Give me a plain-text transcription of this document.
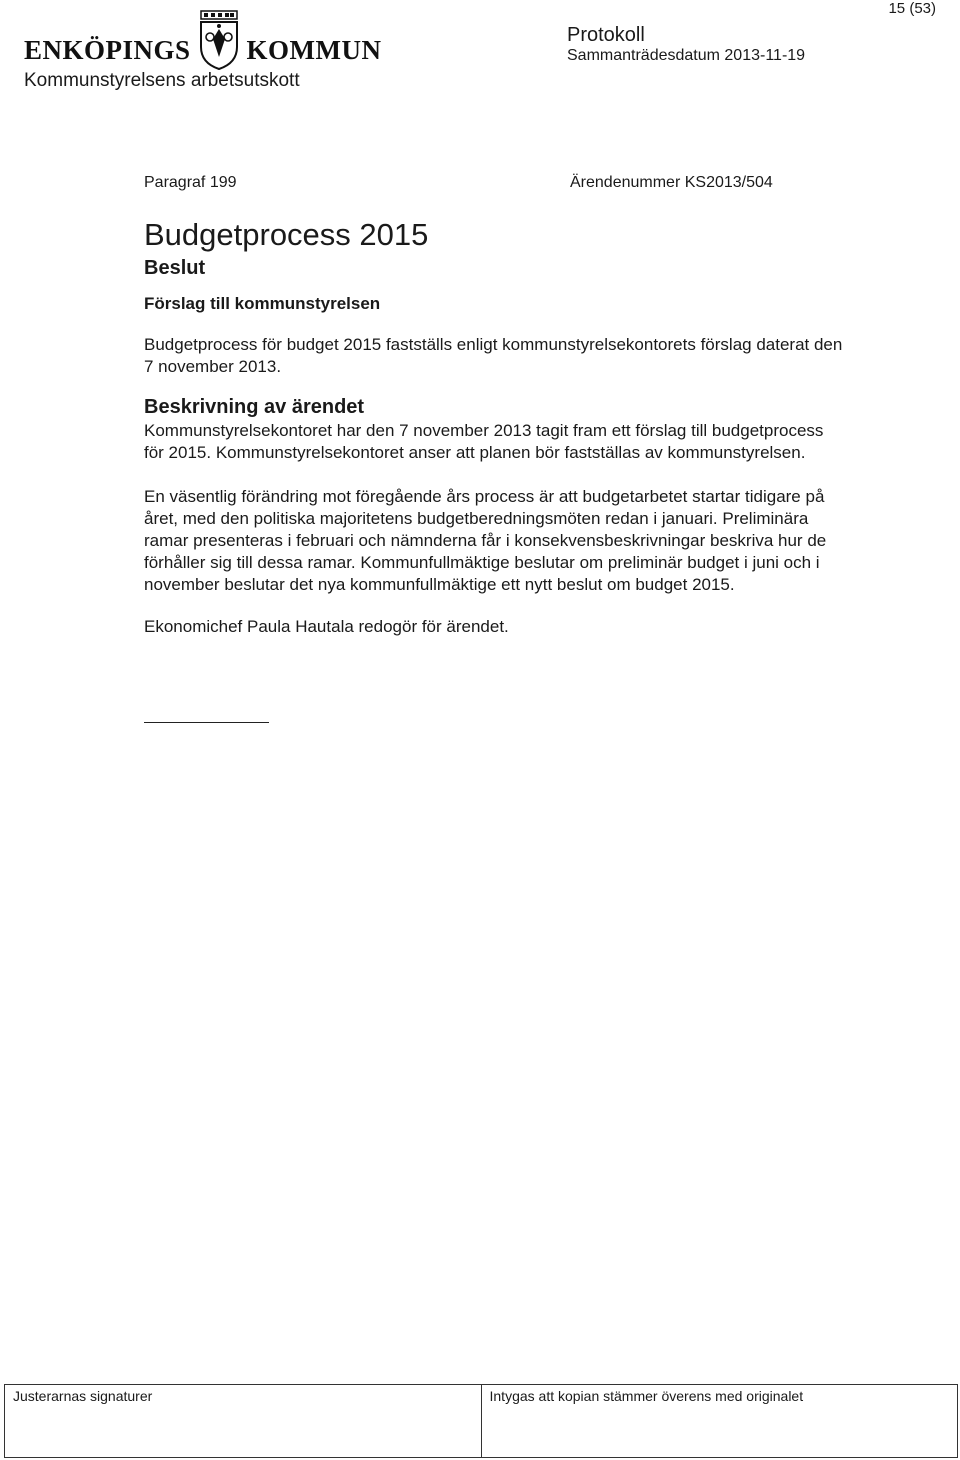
ENKÖPINGS KOMMUN
Kommunstyrelsens arbetsutskott
15 (53)
Protokoll
Sammanträdesdatum 2013-11-19
Paragraf 199	Ärendenummer KS2013/504
Budgetprocess 2015
Beslut
Förslag till kommunstyrelsen

Budgetprocess för budget 2015 fastställs enligt kommunstyrelsekontorets förslag daterat den 7 november 2013.

Beskrivning av ärendet

Kommunstyrelsekontoret har den 7 november 2013 tagit fram ett förslag till budgetprocess för 2015. Kommunstyrelsekontoret anser att planen bör fastställas av kommunstyrelsen.

En väsentlig förändring mot föregående års process är att budgetarbetet startar tidigare på året, med den politiska majoritetens budgetberedningsmöten redan i januari. Preliminära ramar presenteras i februari och nämnderna får i konsekvensbeskrivningar beskriva hur de förhåller sig till dessa ramar. Kommunfullmäktige beslutar om preliminär budget i juni och i november beslutar det nya kommunfullmäktige ett nytt beslut om budget 2015.

Ekonomichef Paula Hautala redogör för ärendet.

Justerarnas signaturer	Intygas att kopian stämmer överens med originalet
